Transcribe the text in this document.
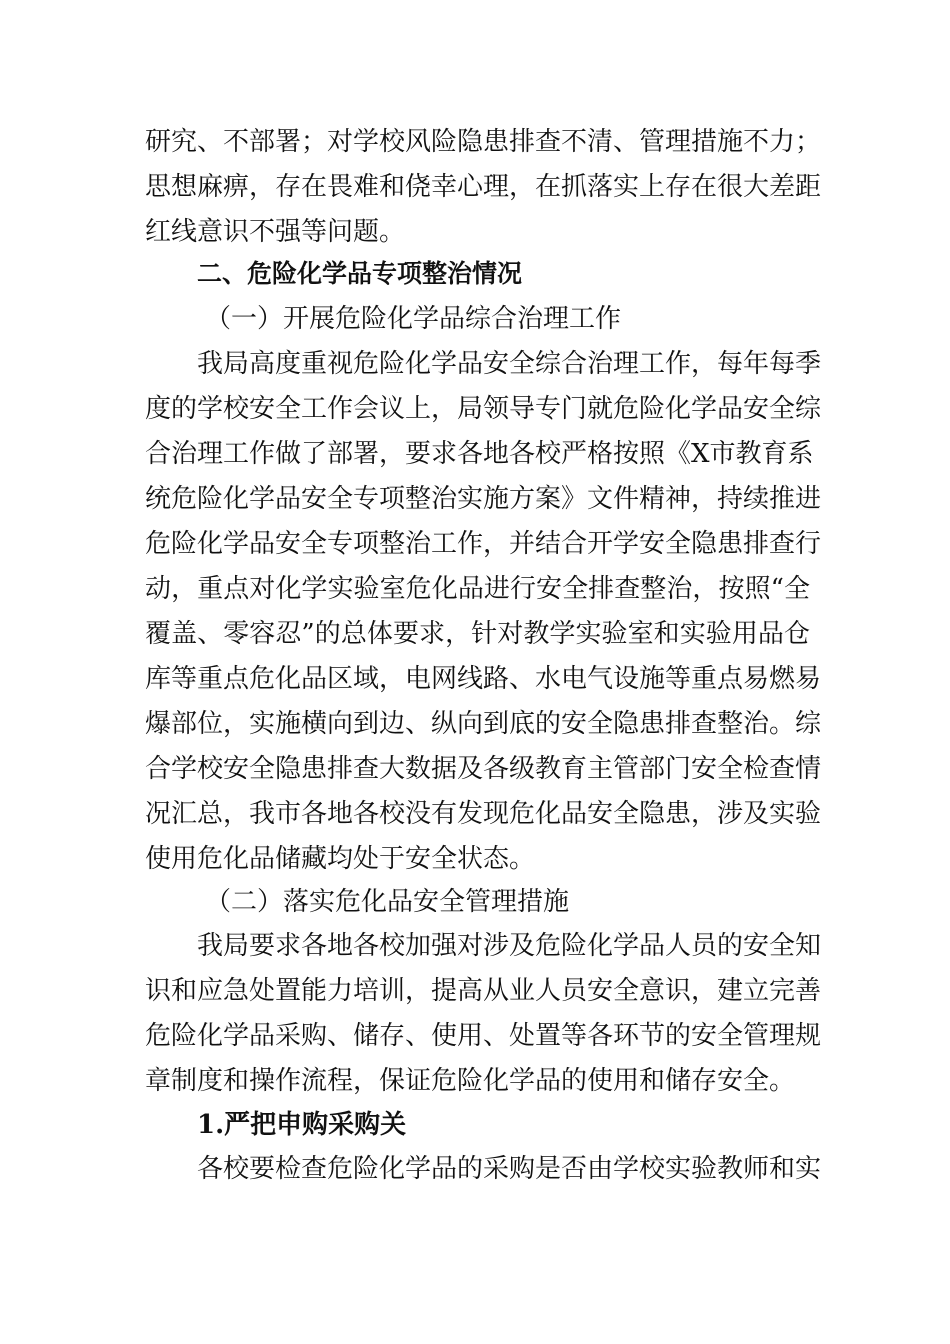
研究、不部署；对学校风险隐患排查不清、管理措施不力；
思想麻痹，存在畏难和侥幸心理，在抓落实上存在很大差距
红线意识不强等问题。
二、危险化学品专项整治情况
（一）开展危险化学品综合治理工作
我局高度重视危险化学品安全综合治理工作，每年每季
度的学校安全工作会议上，局领导专门就危险化学品安全综
合治理工作做了部署，要求各地各校严格按照《X市教育系
统危险化学品安全专项整治实施方案》文件精神，持续推进
危险化学品安全专项整治工作，并结合开学安全隐患排查行
动，重点对化学实验室危化品进行安全排查整治，按照“全
覆盖、零容忍”的总体要求，针对教学实验室和实验用品仓
库等重点危化品区域，电网线路、水电气设施等重点易燃易
爆部位，实施横向到边、纵向到底的安全隐患排查整治。综
合学校安全隐患排查大数据及各级教育主管部门安全检查情
况汇总，我市各地各校没有发现危化品安全隐患，涉及实验
使用危化品储藏均处于安全状态。
（二）落实危化品安全管理措施
我局要求各地各校加强对涉及危险化学品人员的安全知
识和应急处置能力培训，提高从业人员安全意识，建立完善
危险化学品采购、储存、使用、处置等各环节的安全管理规
章制度和操作流程，保证危险化学品的使用和储存安全。
1.严把申购采购关
各校要检查危险化学品的采购是否由学校实验教师和实
